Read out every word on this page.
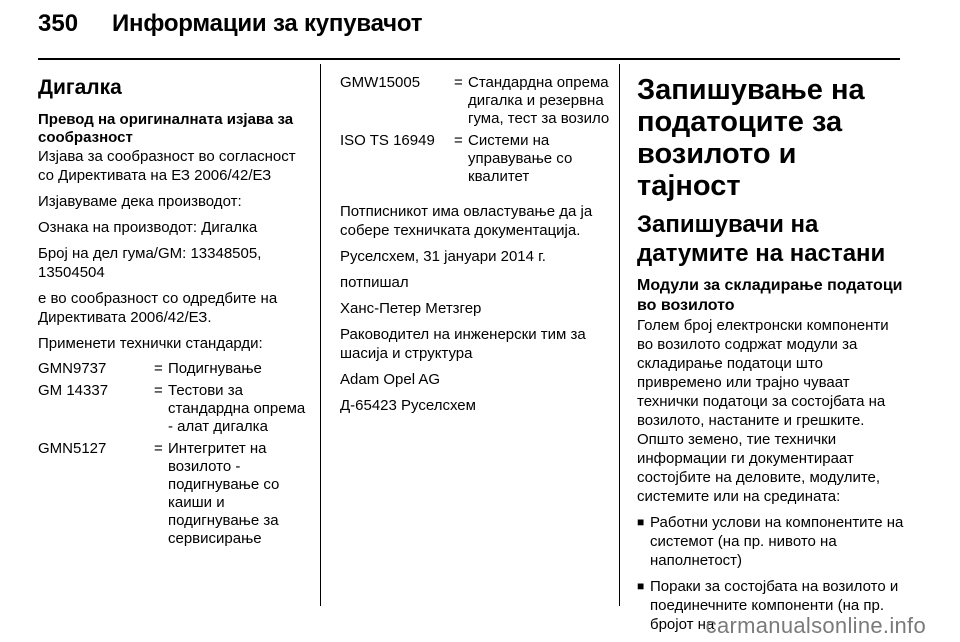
350	Информации за купувачот
Дигалка
Превод на оригиналната изјава за сообразност

Изјава за сообразност во согласност со Директивата на ЕЗ 2006/42/ЕЗ

Изјавуваме дека производот:

Ознака на производот: Дигалка

Број на дел гума/GM: 13348505, 13504504

е во сообразност со одредбите на Директивата 2006/42/ЕЗ.

Применети технички стандарди:

GMN9737	= Подигнување
GM 14337	= Тестови за стандардна опрема - алат дигалка
GMN5127	= Интегритет на возилото - подигнување со каиши и подигнување за сервисирање
GMW15005	= Стандардна опрема дигалка и резервна гума, тест за возило
ISO TS 16949	= Системи на управување со квалитет

Потписникот има овластување да ја собере техничката документација.

Руселсхем, 31 јануари 2014 г.

потпишал

Ханс-Петер Метзгер

Раководител на инженерски тим за шасија и структура

Adam Opel AG

Д-65423 Руселсхем

Запишување на податоците за возилото и тајност
Запишувачи на датумите на настани
Модули за складирање податоци во возилото

Голем број електронски компоненти во возилото содржат модули за складирање податоци што привремено или трајно чуваат технички податоци за состојбата на возилото, настаните и грешките. Општо земено, тие технички информации ги документираат состојбите на деловите, модулите, системите или на средината:

■ Работни услови на компонентите на системот (на пр. нивото на наполнетост)
■ Пораки за состојбата на возилото и поединечните компоненти (на пр. бројот на
carmanualsonline.info
